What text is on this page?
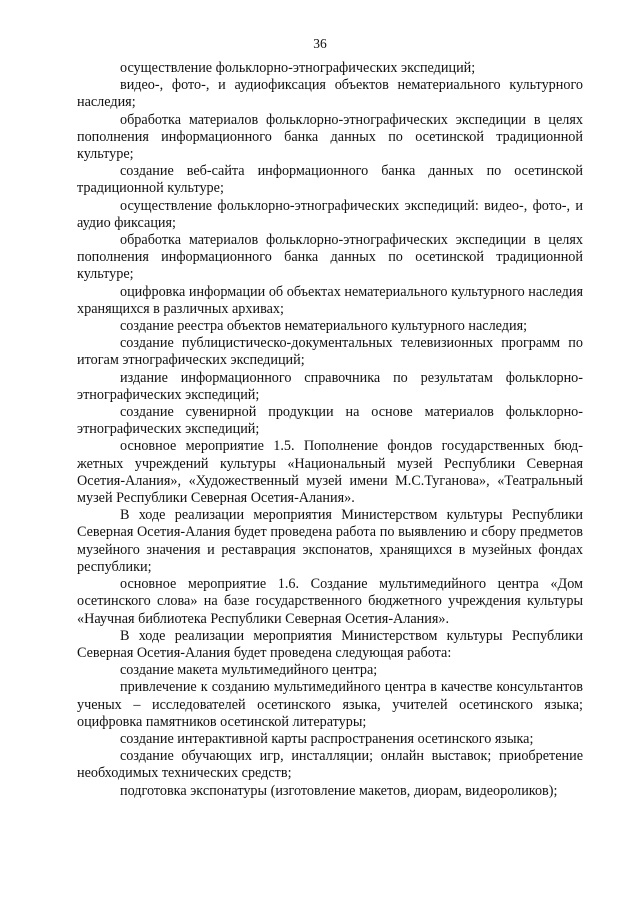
36

осуществление фольклорно-этнографических экспедиций;

видео-, фото-, и аудиофиксация объектов нематериального культурного наследия;

обработка материалов фольклорно-этнографических экспедиции в целях пополнения информационного банка данных по осетинской традиционной культуре;

создание веб-сайта информационного банка данных по осетинской традиционной культуре;

осуществление фольклорно-этнографических экспедиций: видео-, фото-, и аудио фиксация;

обработка материалов фольклорно-этнографических экспедиции в целях пополнения информационного банка данных по осетинской традиционной культуре;

оцифровка информации об объектах нематериального культурного наследия хранящихся в различных архивах;

создание реестра объектов нематериального культурного наследия;

создание публицистическо-документальных телевизионных программ по итогам этнографических экспедиций;

издание информационного справочника по результатам фольклорно-этнографических экспедиций;

создание сувенирной продукции на основе материалов фольклорно-этнографических экспедиций;

основное мероприятие 1.5. Пополнение фондов государственных бюджетных учреждений культуры «Национальный музей Республики Северная Осетия-Алания», «Художественный музей имени М.С.Туганова», «Театральный музей Республики Северная Осетия-Алания».

В ходе реализации мероприятия Министерством культуры Республики Северная Осетия-Алания будет проведена работа по выявлению и сбору предметов музейного значения и реставрация экспонатов, хранящихся в музейных фондах республики;

основное мероприятие 1.6. Создание мультимедийного центра «Дом осетинского слова» на базе государственного бюджетного учреждения культуры «Научная библиотека Республики Северная Осетия-Алания».

В ходе реализации мероприятия Министерством культуры Республики Северная Осетия-Алания будет проведена следующая работа:

создание макета мультимедийного центра;

привлечение к созданию мультимедийного центра в качестве консультантов ученых – исследователей осетинского языка, учителей осетинского языка; оцифровка памятников осетинской литературы;

создание интерактивной карты распространения осетинского языка;

создание обучающих игр, инсталляции; онлайн выставок; приобретение необходимых технических средств;

подготовка экспонатуры (изготовление макетов, диорам, видеороликов);
